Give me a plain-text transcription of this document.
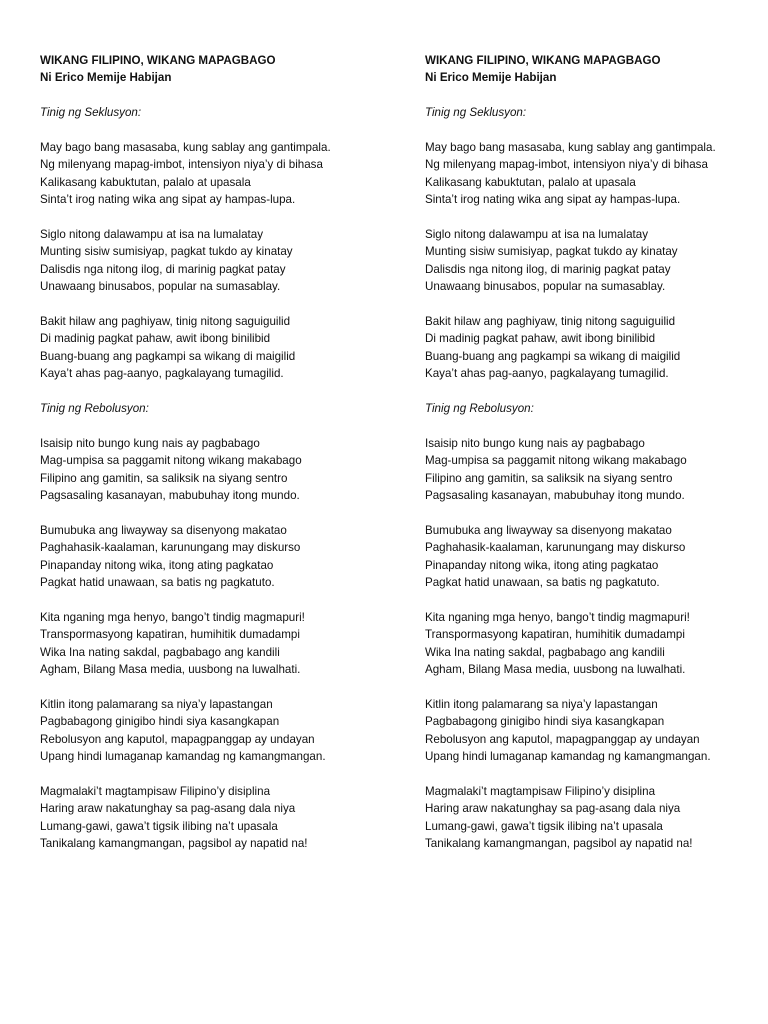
WIKANG FILIPINO, WIKANG MAPAGBAGO
Ni Erico Memije Habijan
Tinig ng Seklusyon:
May bago bang masasaba, kung sablay ang gantimpala.
Ng milenyang mapag-imbot, intensiyon niya’y di bihasa
Kalikasang kabuktutan, palalo at upasala
Sinta’t irog nating wika ang sipat ay hampas-lupa.
Siglo nitong dalawampu at isa na lumalatay
Munting sisiw sumisiyap, pagkat tukdo ay kinatay
Dalisdis nga nitong ilog, di marinig pagkat patay
Unawaang binusabos, popular na sumasablay.
Bakit hilaw ang paghiyaw, tinig nitong saguiguilid
Di madinig pagkat pahaw, awit ibong binilibid
Buang-buang ang pagkampi sa wikang di maigilid
Kaya’t ahas pag-aanyo, pagkalayang tumagilid.
Tinig ng Rebolusyon:
Isaisip nito bungo kung nais ay pagbabago
Mag-umpisa sa paggamit nitong wikang makabago
Filipino ang gamitin, sa saliksik na siyang sentro
Pagsasaling kasanayan, mabubuhay itong mundo.
Bumubuka ang liwayway sa disenyong makatao
Paghahasik-kaalaman, karunungang may diskurso
Pinapanday nitong wika, itong ating pagkatao
Pagkat hatid unawaan, sa batis ng pagkatuto.
Kita nganing mga henyo, bango’t tindig magmapuri!
Transpormasyong kapatiran, humihitik dumadampi
Wika Ina nating sakdal, pagbabago ang kandili
Agham, Bilang Masa media, uusbong na luwalhati.
Kitlin itong palamarang sa niya’y lapastangan
Pagbabagong ginigibo hindi siya kasangkapan
Rebolusyon ang kaputol, mapagpanggap ay undayan
Upang hindi lumaganap kamandag ng kamangmangan.
Magmalaki’t magtampisaw Filipino’y disiplina
Haring araw nakatunghay sa pag-asang dala niya
Lumang-gawi, gawa’t tigsik ilibing na’t upasala
Tanikalang kamangmangan, pagsibol ay napatid na!
WIKANG FILIPINO, WIKANG MAPAGBAGO
Ni Erico Memije Habijan
Tinig ng Seklusyon:
May bago bang masasaba, kung sablay ang gantimpala.
Ng milenyang mapag-imbot, intensiyon niya’y di bihasa
Kalikasang kabuktutan, palalo at upasala
Sinta’t irog nating wika ang sipat ay hampas-lupa.
Siglo nitong dalawampu at isa na lumalatay
Munting sisiw sumisiyap, pagkat tukdo ay kinatay
Dalisdis nga nitong ilog, di marinig pagkat patay
Unawaang binusabos, popular na sumasablay.
Bakit hilaw ang paghiyaw, tinig nitong saguiguilid
Di madinig pagkat pahaw, awit ibong binilibid
Buang-buang ang pagkampi sa wikang di maigilid
Kaya’t ahas pag-aanyo, pagkalayang tumagilid.
Tinig ng Rebolusyon:
Isaisip nito bungo kung nais ay pagbabago
Mag-umpisa sa paggamit nitong wikang makabago
Filipino ang gamitin, sa saliksik na siyang sentro
Pagsasaling kasanayan, mabubuhay itong mundo.
Bumubuka ang liwayway sa disenyong makatao
Paghahasik-kaalaman, karunungang may diskurso
Pinapanday nitong wika, itong ating pagkatao
Pagkat hatid unawaan, sa batis ng pagkatuto.
Kita nganing mga henyo, bango’t tindig magmapuri!
Transpormasyong kapatiran, humihitik dumadampi
Wika Ina nating sakdal, pagbabago ang kandili
Agham, Bilang Masa media, uusbong na luwalhati.
Kitlin itong palamarang sa niya’y lapastangan
Pagbabagong ginigibo hindi siya kasangkapan
Rebolusyon ang kaputol, mapagpanggap ay undayan
Upang hindi lumaganap kamandag ng kamangmangan.
Magmalaki’t magtampisaw Filipino’y disiplina
Haring araw nakatunghay sa pag-asang dala niya
Lumang-gawi, gawa’t tigsik ilibing na’t upasala
Tanikalang kamangmangan, pagsibol ay napatid na!
